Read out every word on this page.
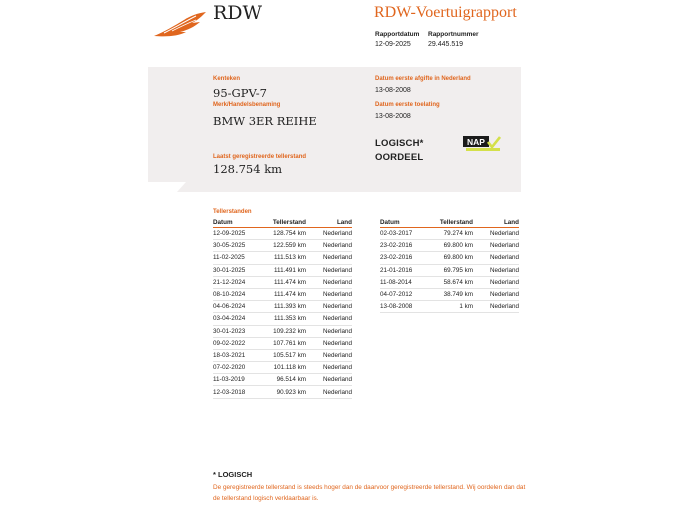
RDW	RDW-Voertuigrapport
Rapportdatum Rapportnummer
12-09-2025 29.445.519
Kenteken
95-GPV-7
Merk/Handelsbenaming
BMW 3ER REIHE
Laatst geregistreerde tellerstand
128.754 km
Datum eerste afgifte in Nederland
13-08-2008
Datum eerste toelating
13-08-2008
LOGISCH*
OORDEEL
NAP
Tellerstanden
Datum	Tellerstand	Land
12-09-2025	128.754 km	Nederland
30-05-2025	122.559 km	Nederland
11-02-2025	111.513 km	Nederland
30-01-2025	111.491 km	Nederland
21-12-2024	111.474 km	Nederland
08-10-2024	111.474 km	Nederland
04-06-2024	111.393 km	Nederland
03-04-2024	111.353 km	Nederland
30-01-2023	109.232 km	Nederland
09-02-2022	107.761 km	Nederland
18-03-2021	105.517 km	Nederland
07-02-2020	101.118 km	Nederland
11-03-2019	96.514 km	Nederland
12-03-2018	90.923 km	Nederland
Datum	Tellerstand	Land
02-03-2017	79.274 km	Nederland
23-02-2016	69.800 km	Nederland
23-02-2016	69.800 km	Nederland
21-01-2016	69.795 km	Nederland
11-08-2014	58.674 km	Nederland
04-07-2012	38.749 km	Nederland
13-08-2008	1 km	Nederland
* LOGISCH
De geregistreerde tellerstand is steeds hoger dan de daarvoor geregistreerde tellerstand. Wij oordelen dan dat de tellerstand logisch verklaarbaar is.
